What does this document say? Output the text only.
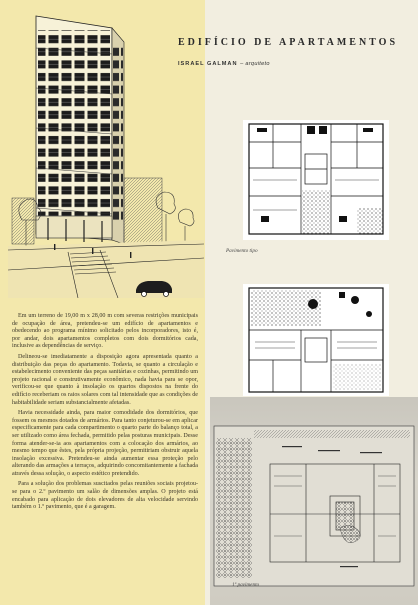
Em um terreno de 19,00 m x 28,00 m com severas restrições municipais de ocupação de área, pretendeu-se um edifício de apartamentos e obedecendo ao programa mínimo solicitado pelos incorporadores, isto é, por andar, dois apartamentos completos com dois dormitórios cada, inclusive as dependências de serviço.

Delineou-se imediatamente a disposição agora apresentada quanto a distribuição das peças do apartamento. Todavia, se quanto a circulação e estabelecimento conveniente das peças sanitárias e cozinhas, permitindo um projeto racional e construtivamente econômico, nada havia para se opor, verificou-se que quanto à insolação os quartos dispostos na frente do edifício receberiam os raios solares com tal intensidade que as condições de habitabilidade seriam substancialmente afetadas.

Havia necessidade ainda, para maior comodidade dos dormitórios, que fossem os mesmos dotados de armários. Para tanto conjeturou-se em aplicar especificamente para cada compartimento o quarto parte do balanço total, a ser utilizado como área fechada, permitido pelas posturas municipais. Desse forma atender-se-ia aos apartamentos com a colocação dos armários, ao mesmo tempo que êstes, pela própria projeção, permitiriam obstruir aquela insolação excessiva. Pretendeu-se ainda aumentar essa proteção pelo alterando das armações a terraços, adquirindo concomitantemente a fachada através dessa solução, o aspecto estético pretendido.

Para a solução dos problemas suscitados pelas reuniões sociais projetou-se para o 2.º pavimento um salão de dimensões amplas. O projeto está encabado para aplicação de dois elevadores de alta velocidade servindo também o 1.º pavimento, que é a garagem.

EDIFÍCIO DE APARTAMENTOS
ISRAEL GALMAN – arquiteto
Pavimento tipo
1º pavimento
